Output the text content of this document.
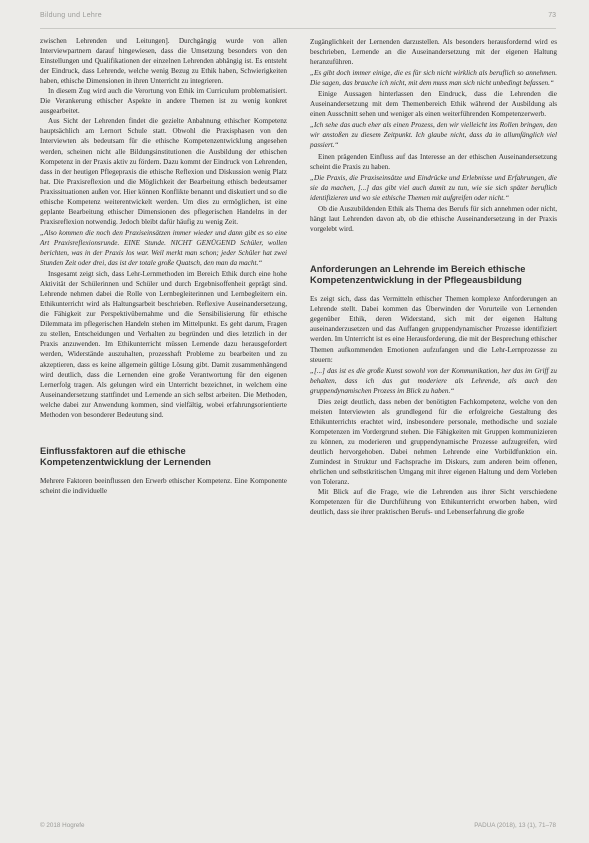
Bildung und Lehre	73

zwischen Lehrenden und Leitungen]. Durchgängig wurde von allen Interviewpartnern darauf hingewiesen, dass die Umsetzung besonders von den Einstellungen und Qualifikationen der einzelnen Lehrenden abhängig ist. Es entsteht der Eindruck, dass Lehrende, welche wenig Bezug zu Ethik haben, Schwierigkeiten haben, ethische Dimensionen in ihren Unterricht zu integrieren.

In diesem Zug wird auch die Verortung von Ethik im Curriculum problematisiert. Die Verankerung ethischer Aspekte in andere Themen ist zu wenig konkret ausgearbeitet.

Aus Sicht der Lehrenden findet die gezielte Anbahnung ethischer Kompetenz hauptsächlich am Lernort Schule statt. Obwohl die Praxisphasen von den Interviewten als bedeutsam für die ethische Kompetenzentwicklung angesehen werden, scheinen nicht alle Bildungsinstitutionen die Ausbildung der ethischen Kompetenz in der Praxis aktiv zu fördern. Dazu kommt der Eindruck von Lehrenden, dass in der heutigen Pflegepraxis die ethische Reflexion und Diskussion wenig Platz hat. Die Praxisreflexion und die Möglichkeit der Bearbeitung ethisch bedeutsamer Praxissituationen außen vor. Hier können Konflikte benannt und diskutiert und so die ethische Kompetenz weiterentwickelt werden. Um dies zu ermöglichen, ist eine geplante Bearbeitung ethischer Dimensionen des pflegerischen Handelns in der Praxisreflexion notwendig. Jedoch bleibt dafür häufig zu wenig Zeit.

„Also kommen die noch den Praxiseinsätzen immer wieder und dann gibt es so eine Art Praxisreflexionsrunde. EINE Stunde. NICHT GENÜGEND Schüler, wollen berichten, was in der Praxis los war. Weil merkt man schon; jeder Schüler hat zwei Stunden Zeit oder drei, das ist der totale große Quatsch, den man da macht.“

Insgesamt zeigt sich, dass Lehr-Lernmethoden im Bereich Ethik durch eine hohe Aktivität der Schülerinnen und Schüler und durch Ergebnisoffenheit geprägt sind. Lehrende nehmen dabei die Rolle von Lernbegleiterinnen und Lernbegleitern ein. Ethikunterricht wird als Haltungsarbeit beschrieben. Reflexive Auseinandersetzung, die Fähigkeit zur Perspektivübernahme und die Sensibilisierung für ethische Dilemmata im pflegerischen Handeln stehen im Mittelpunkt. Es geht darum, Fragen zu stellen, Entscheidungen und Verhalten zu begründen und dies letztlich in der Praxis anzuwenden. Im Ethikunterricht müssen Lernende dazu herausgefordert werden, Widerstände auszuhalten, prozesshaft Probleme zu bearbeiten und zu akzeptieren, dass es keine allgemein gültige Lösung gibt. Damit zusammenhängend wird deutlich, dass die Lernenden eine große Verantwortung für den eigenen Lernerfolg tragen. Als gelungen wird ein Unterricht bezeichnet, in welchem eine Auseinandersetzung stattfindet und Lernende an sich selbst arbeiten. Die Methoden, welche dabei zur Anwendung kommen, sind vielfältig, wobei erfahrungsorientierte Methoden von besonderer Bedeutung sind.

Einflussfaktoren auf die ethische Kompetenzentwicklung der Lernenden

Mehrere Faktoren beeinflussen den Erwerb ethischer Kompetenz. Eine Komponente scheint die individuelle

Zugänglichkeit der Lernenden darzustellen. Als besonders herausfordernd wird es beschrieben, Lernende an die Auseinandersetzung mit der eigenen Haltung heranzuführen.

„Es gibt doch immer einige, die es für sich nicht wirklich als beruflich so annehmen. Die sagen, das brauche ich nicht, mit dem muss man sich nicht unbedingt befassen.“

Einige Aussagen hinterlassen den Eindruck, dass die Lehrenden die Auseinandersetzung mit dem Themenbereich Ethik während der Ausbildung als einen Ausschnitt sehen und weniger als einen weiterführenden Kompetenzerwerb.

„Ich sehe das auch eher als einen Prozess, den wir vielleicht ins Rollen bringen, den wir anstoßen zu diesem Zeitpunkt. Ich glaube nicht, dass da in allumfänglich viel passiert.“

Einen prägenden Einfluss auf das Interesse an der ethischen Auseinandersetzung scheint die Praxis zu haben.

„Die Praxis, die Praxiseinsätze und Eindrücke und Erlebnisse und Erfahrungen, die sie da machen, [...] das gibt viel auch damit zu tun, wie sie sich später beruflich identifizieren und wo sie ethische Themen mit aufgreifen oder nicht.“

Ob die Auszubildenden Ethik als Thema des Berufs für sich annehmen oder nicht, hängt laut Lehrenden davon ab, ob die ethische Auseinandersetzung in der Praxis vorgelebt wird.

Anforderungen an Lehrende im Bereich ethische Kompetenzentwicklung in der Pflegeausbildung

Es zeigt sich, dass das Vermitteln ethischer Themen komplexe Anforderungen an Lehrende stellt. Dabei kommen das Überwinden der Vorurteile von Lernenden gegenüber Ethik, deren Widerstand, sich mit der eigenen Haltung auseinanderzusetzen und das Auffangen gruppendynamischer Prozesse identifiziert werden. Im Unterricht ist es eine Herausforderung, die mit der Besprechung ethischer Themen aufkommenden Emotionen aufzufangen und die Lehr-Lernprozesse zu steuern:

„[...] das ist es die große Kunst sowohl von der Kommunikation, her das im Griff zu behalten, dass ich das gut moderiere als Lehrende, als auch den gruppendynamischen Prozess im Blick zu haben.“

Dies zeigt deutlich, dass neben der benötigten Fachkompetenz, welche von den meisten Interviewten als grundlegend für die erfolgreiche Gestaltung des Ethikunterrichts erachtet wird, insbesondere personale, methodische und soziale Kompetenzen im Vordergrund stehen. Die Fähigkeiten mit Gruppen kommunizieren zu können, zu moderieren und gruppendynamische Prozesse aufzugreifen, wird deutlich hervorgehoben. Dabei nehmen Lehrende eine Vorbildfunktion ein. Zumindest in Struktur und Fachsprache im Diskurs, zum anderen beim offenen, ehrlichen und selbstkritischen Umgang mit ihrer eigenen Haltung und dem Vorleben von Toleranz.

Mit Blick auf die Frage, wie die Lehrenden aus ihrer Sicht verschiedene Kompetenzen für die Durchführung von Ethikunterricht erworben haben, wird deutlich, dass sie ihrer praktischen Berufs- und Lebenserfahrung die große

© 2018 Hogrefe	PADUA (2018), 13 (1), 71–78
